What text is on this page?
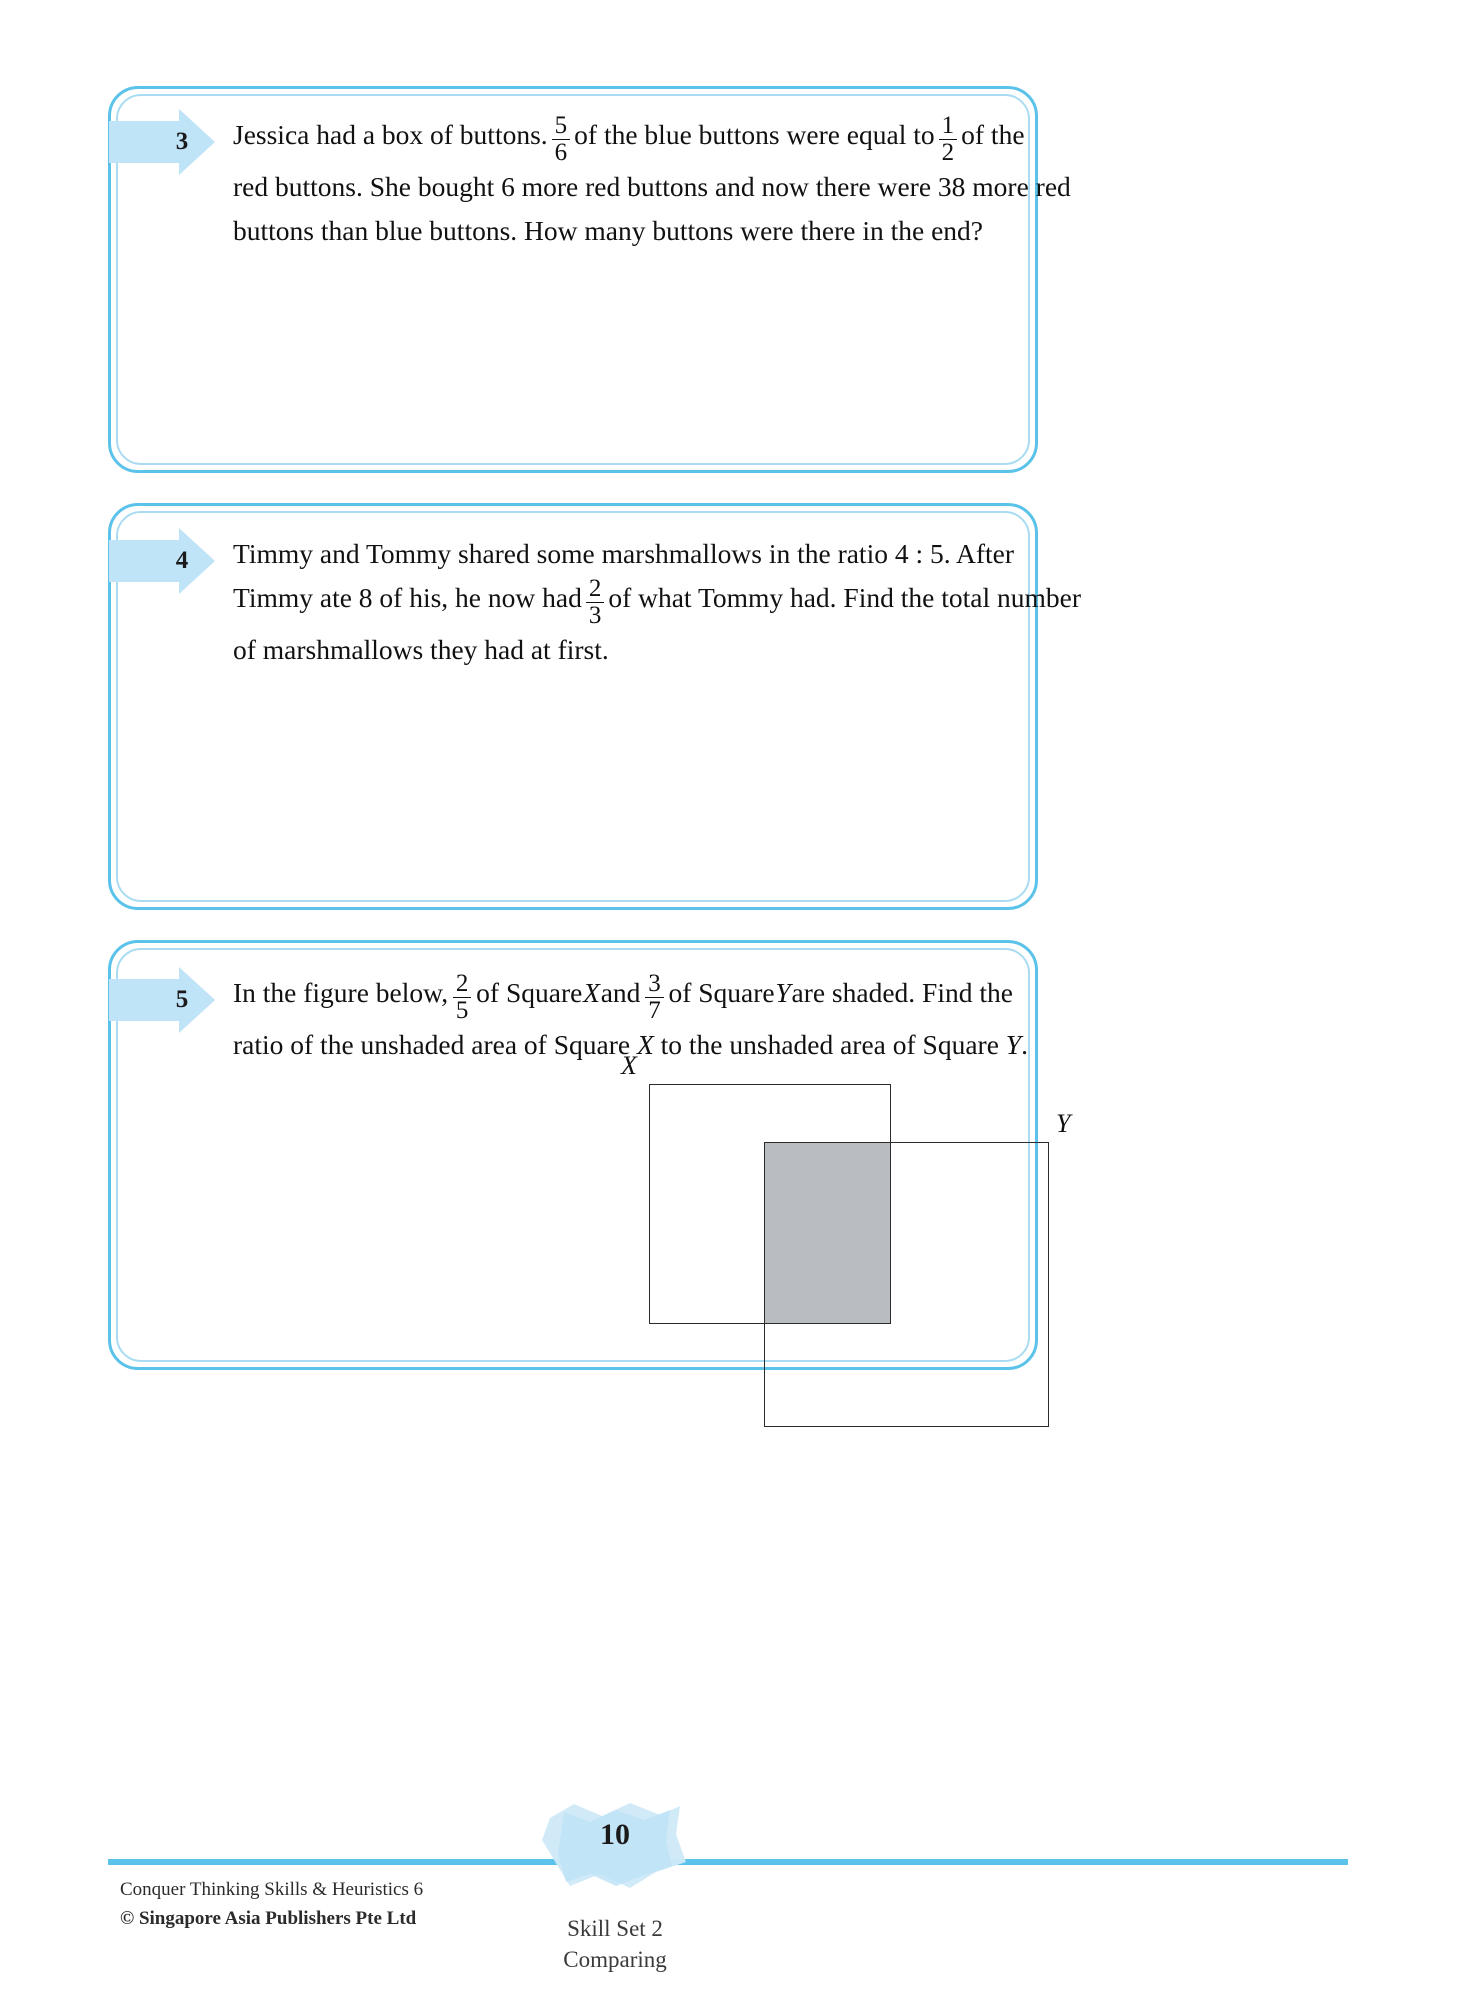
3	Jessica had a box of buttons. $\frac{5}{6}$ of the blue buttons were equal to $\frac{1}{2}$ of the
red buttons. She bought 6 more red buttons and now there were 38 more red
buttons than blue buttons. How many buttons were there in the end?
4	Timmy and Tommy shared some marshmallows in the ratio 4 : 5. After
Timmy ate 8 of his, he now had $\frac{2}{3}$ of what Tommy had. Find the total number
of marshmallows they had at first.
5	In the figure below, $\frac{2}{5}$ of Square X and $\frac{3}{7}$ of Square Y are shaded. Find the
ratio of the unshaded area of Square X to the unshaded area of Square Y.
X
Y
Conquer Thinking Skills & Heuristics 6
© Singapore Asia Publishers Pte Ltd
10
Skill Set 2
Comparing
